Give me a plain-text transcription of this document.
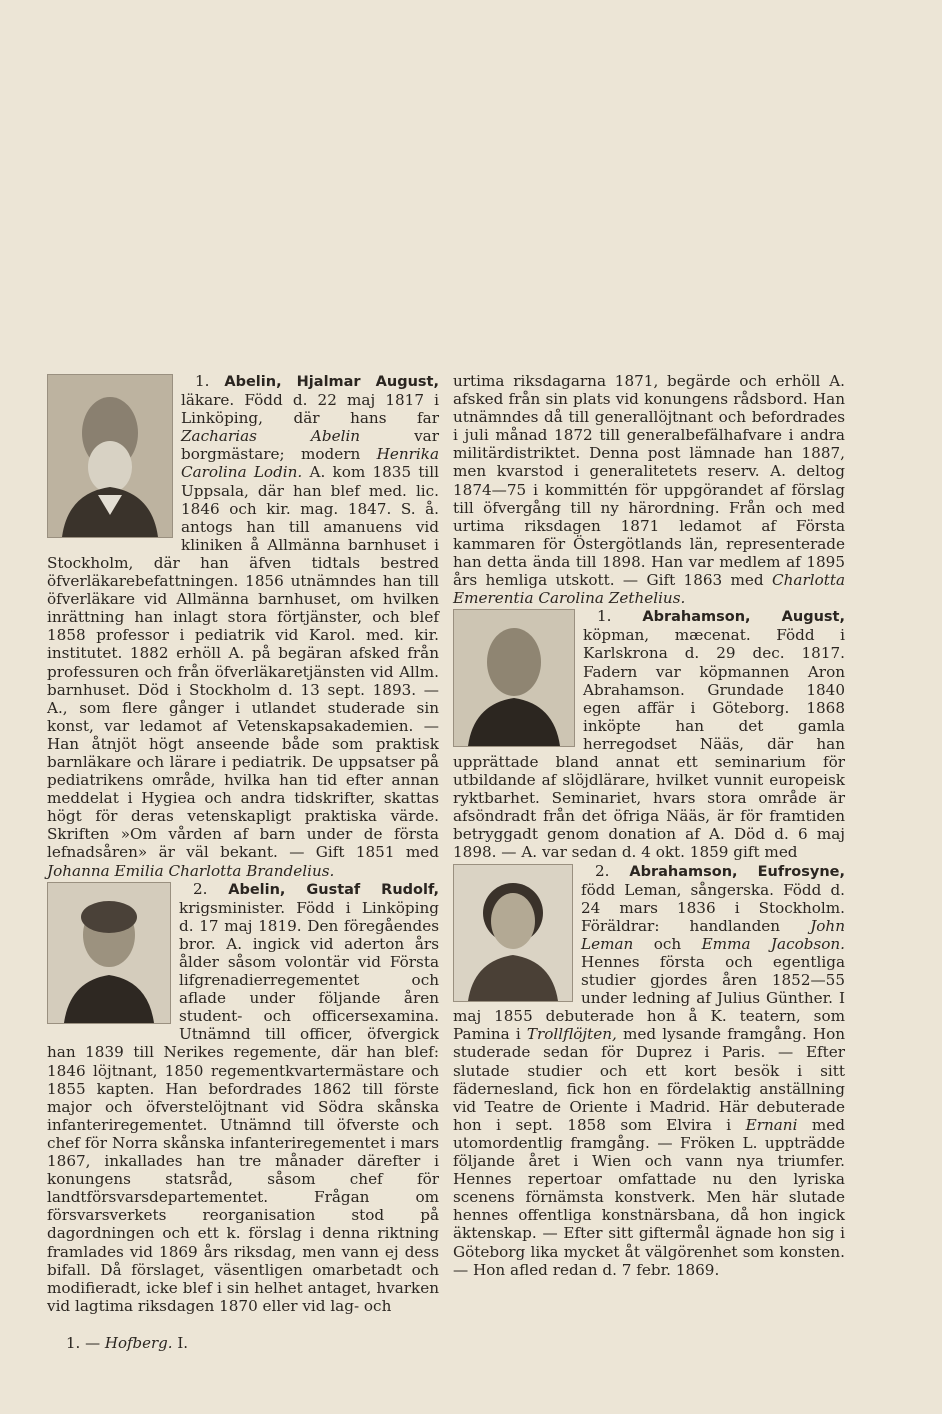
1. Abelin, Hjalmar August,
läkare. Född d. 22 maj 1817 i Linköping, där hans far Zacharias Abelin var borgmästare; modern Henrika Carolina Lodin. A. kom 1835 till Uppsala, där han blef med. lic. 1846 och kir. mag. 1847. S. å. antogs han till amanuens vid kliniken å Allmänna barnhuset i Stockholm, där han äfven tidtals bestred öfverläkarebefattningen. 1856 utnämndes han till öfverläkare vid Allmänna barnhuset, om hvilken inrättning han inlagt stora förtjänster, och blef 1858 professor i pediatrik vid Karol. med. kir. institutet. 1882 erhöll A. på begäran afsked från professuren och från öfverläkaretjänsten vid Allm. barnhuset. Död i Stockholm d. 13 sept. 1893. — A., som flere gånger i utlandet studerade sin konst, var ledamot af Vetenskapsakademien. — Han åtnjöt högt anseende både som praktisk barnläkare och lärare i pediatrik. De uppsatser på pediatrikens område, hvilka han tid efter annan meddelat i Hygiea och andra tidskrifter, skattas högt för deras vetenskapligt praktiska värde. Skriften »Om vården af barn under de första lefnadsåren» är väl bekant. — Gift 1851 med Johanna Emilia Charlotta Brandelius.

2. Abelin, Gustaf Rudolf,
krigsminister. Född i Linköping d. 17 maj 1819. Den föregåendes bror. A. ingick vid aderton års ålder såsom volontär vid Första lifgrenadierregementet och aflade under följande åren student- och officersexamina. Utnämnd till officer, öfvergick han 1839 till Nerikes regemente, där han blef: 1846 löjtnant, 1850 regementkvartermästare och 1855 kapten. Han befordrades 1862 till förste major och öfverstelöjtnant vid Södra skånska infanteriregementet. Utnämnd till öfverste och chef för Norra skånska infanteriregementet i mars 1867, inkallades han tre månader därefter i konungens statsråd, såsom chef för landtförsvarsdepartementet. Frågan om försvarsverkets reorganisation stod på dagordningen och ett k. förslag i denna riktning framlades vid 1869 års riksdag, men vann ej dess bifall. Då förslaget, väsentligen omarbetadt och modifieradt, icke blef i sin helhet antaget, hvarken vid lagtima riksdagen 1870 eller vid lag- och

urtima riksdagarna 1871, begärde och erhöll A. afsked från sin plats vid konungens rådsbord. Han utnämndes då till generallöjtnant och befordrades i juli månad 1872 till generalbefälhafvare i andra militärdistriktet. Denna post lämnade han 1887, men kvarstod i generalitetets reserv. A. deltog 1874—75 i kommittén för uppgörandet af förslag till öfvergång till ny härordning. Från och med urtima riksdagen 1871 ledamot af Första kammaren för Östergötlands län, representerade han detta ända till 1898. Han var medlem af 1895 års hemliga utskott. — Gift 1863 med Charlotta Emerentia Carolina Zethelius.

1. Abrahamson, August,
köpman, mæcenat. Född i Karlskrona d. 29 dec. 1817. Fadern var köpmannen Aron Abrahamson. Grundade 1840 egen affär i Göteborg. 1868 inköpte han det gamla herregodset Nääs, där han upprättade bland annat ett seminarium för utbildande af slöjdlärare, hvilket vunnit europeisk ryktbarhet. Seminariet, hvars stora område är afsöndradt från det öfriga Nääs, är för framtiden betryggadt genom donation af A. Död d. 6 maj 1898. — A. var sedan d. 4 okt. 1859 gift med

2. Abrahamson, Eufrosyne,
född Leman, sångerska. Född d. 24 mars 1836 i Stockholm. Föräldrar: handlanden John Leman och Emma Jacobson. Hennes första och egentliga studier gjordes åren 1852—55 under ledning af Julius Günther. I maj 1855 debuterade hon å K. teatern, som Pamina i Trollflöjten, med lysande framgång. Hon studerade sedan för Duprez i Paris. — Efter slutade studier och ett kort besök i sitt fädernesland, fick hon en fördelaktig anställning vid Teatre de Oriente i Madrid. Här debuterade hon i sept. 1858 som Elvira i Ernani med utomordentlig framgång. — Fröken L. uppträdde följande året i Wien och vann nya triumfer. Hennes repertoar omfattade nu den lyriska scenens förnämsta konstverk. Men här slutade hennes offentliga konstnärsbana, då hon ingick äktenskap. — Efter sitt giftermål ägnade hon sig i Göteborg lika mycket åt välgörenhet som konsten. — Hon afled redan d. 7 febr. 1869.

1. — Hofberg. I.
